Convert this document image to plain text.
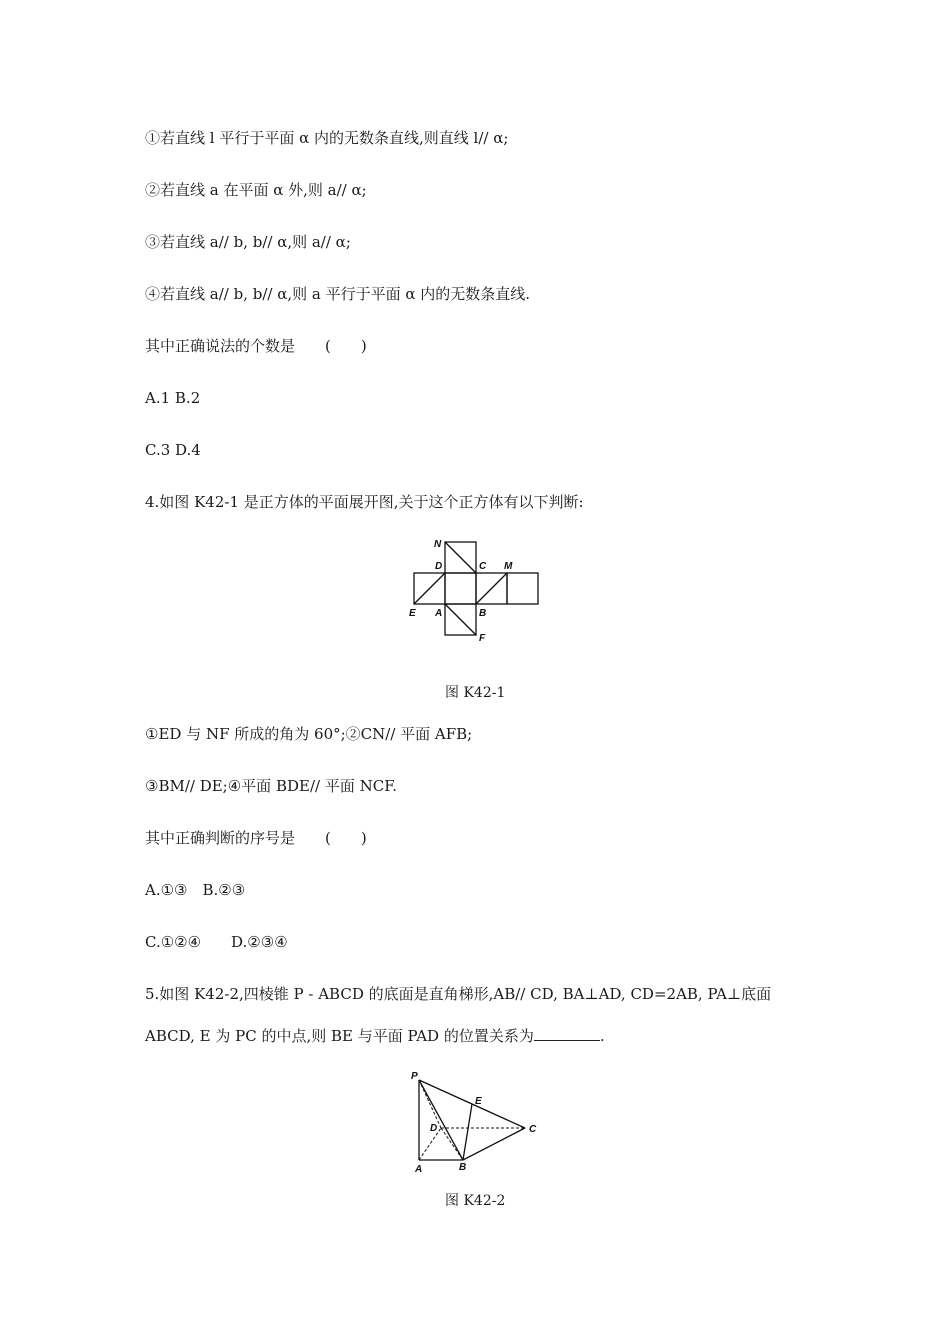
①若直线 l 平行于平面 α 内的无数条直线,则直线 l// α;
②若直线 a 在平面 α 外,则 a// α;
③若直线 a// b, b// α,则 a// α;
④若直线 a// b, b// α,则 a 平行于平面 α 内的无数条直线.
其中正确说法的个数是　　(　　)
A.1 B.2
C.3 D.4
4.如图 K42-1 是正方体的平面展开图,关于这个正方体有以下判断:
N
D	C M
E A	B
F
图 K42-1
①ED 与 NF 所成的角为 60°;②CN// 平面 AFB;
③BM// DE;④平面 BDE// 平面 NCF.
其中正确判断的序号是　　(　　)
A.①③　B.②③
C.①②④　　D.②③④
5.如图 K42-2,四棱锥 P - ABCD 的底面是直角梯形,AB// CD, BA⊥AD, CD=2AB, PA⊥底面
ABCD, E 为 PC 的中点,则 BE 与平面 PAD 的位置关系为	.
P
E
D	C
A	B
图 K42-2
